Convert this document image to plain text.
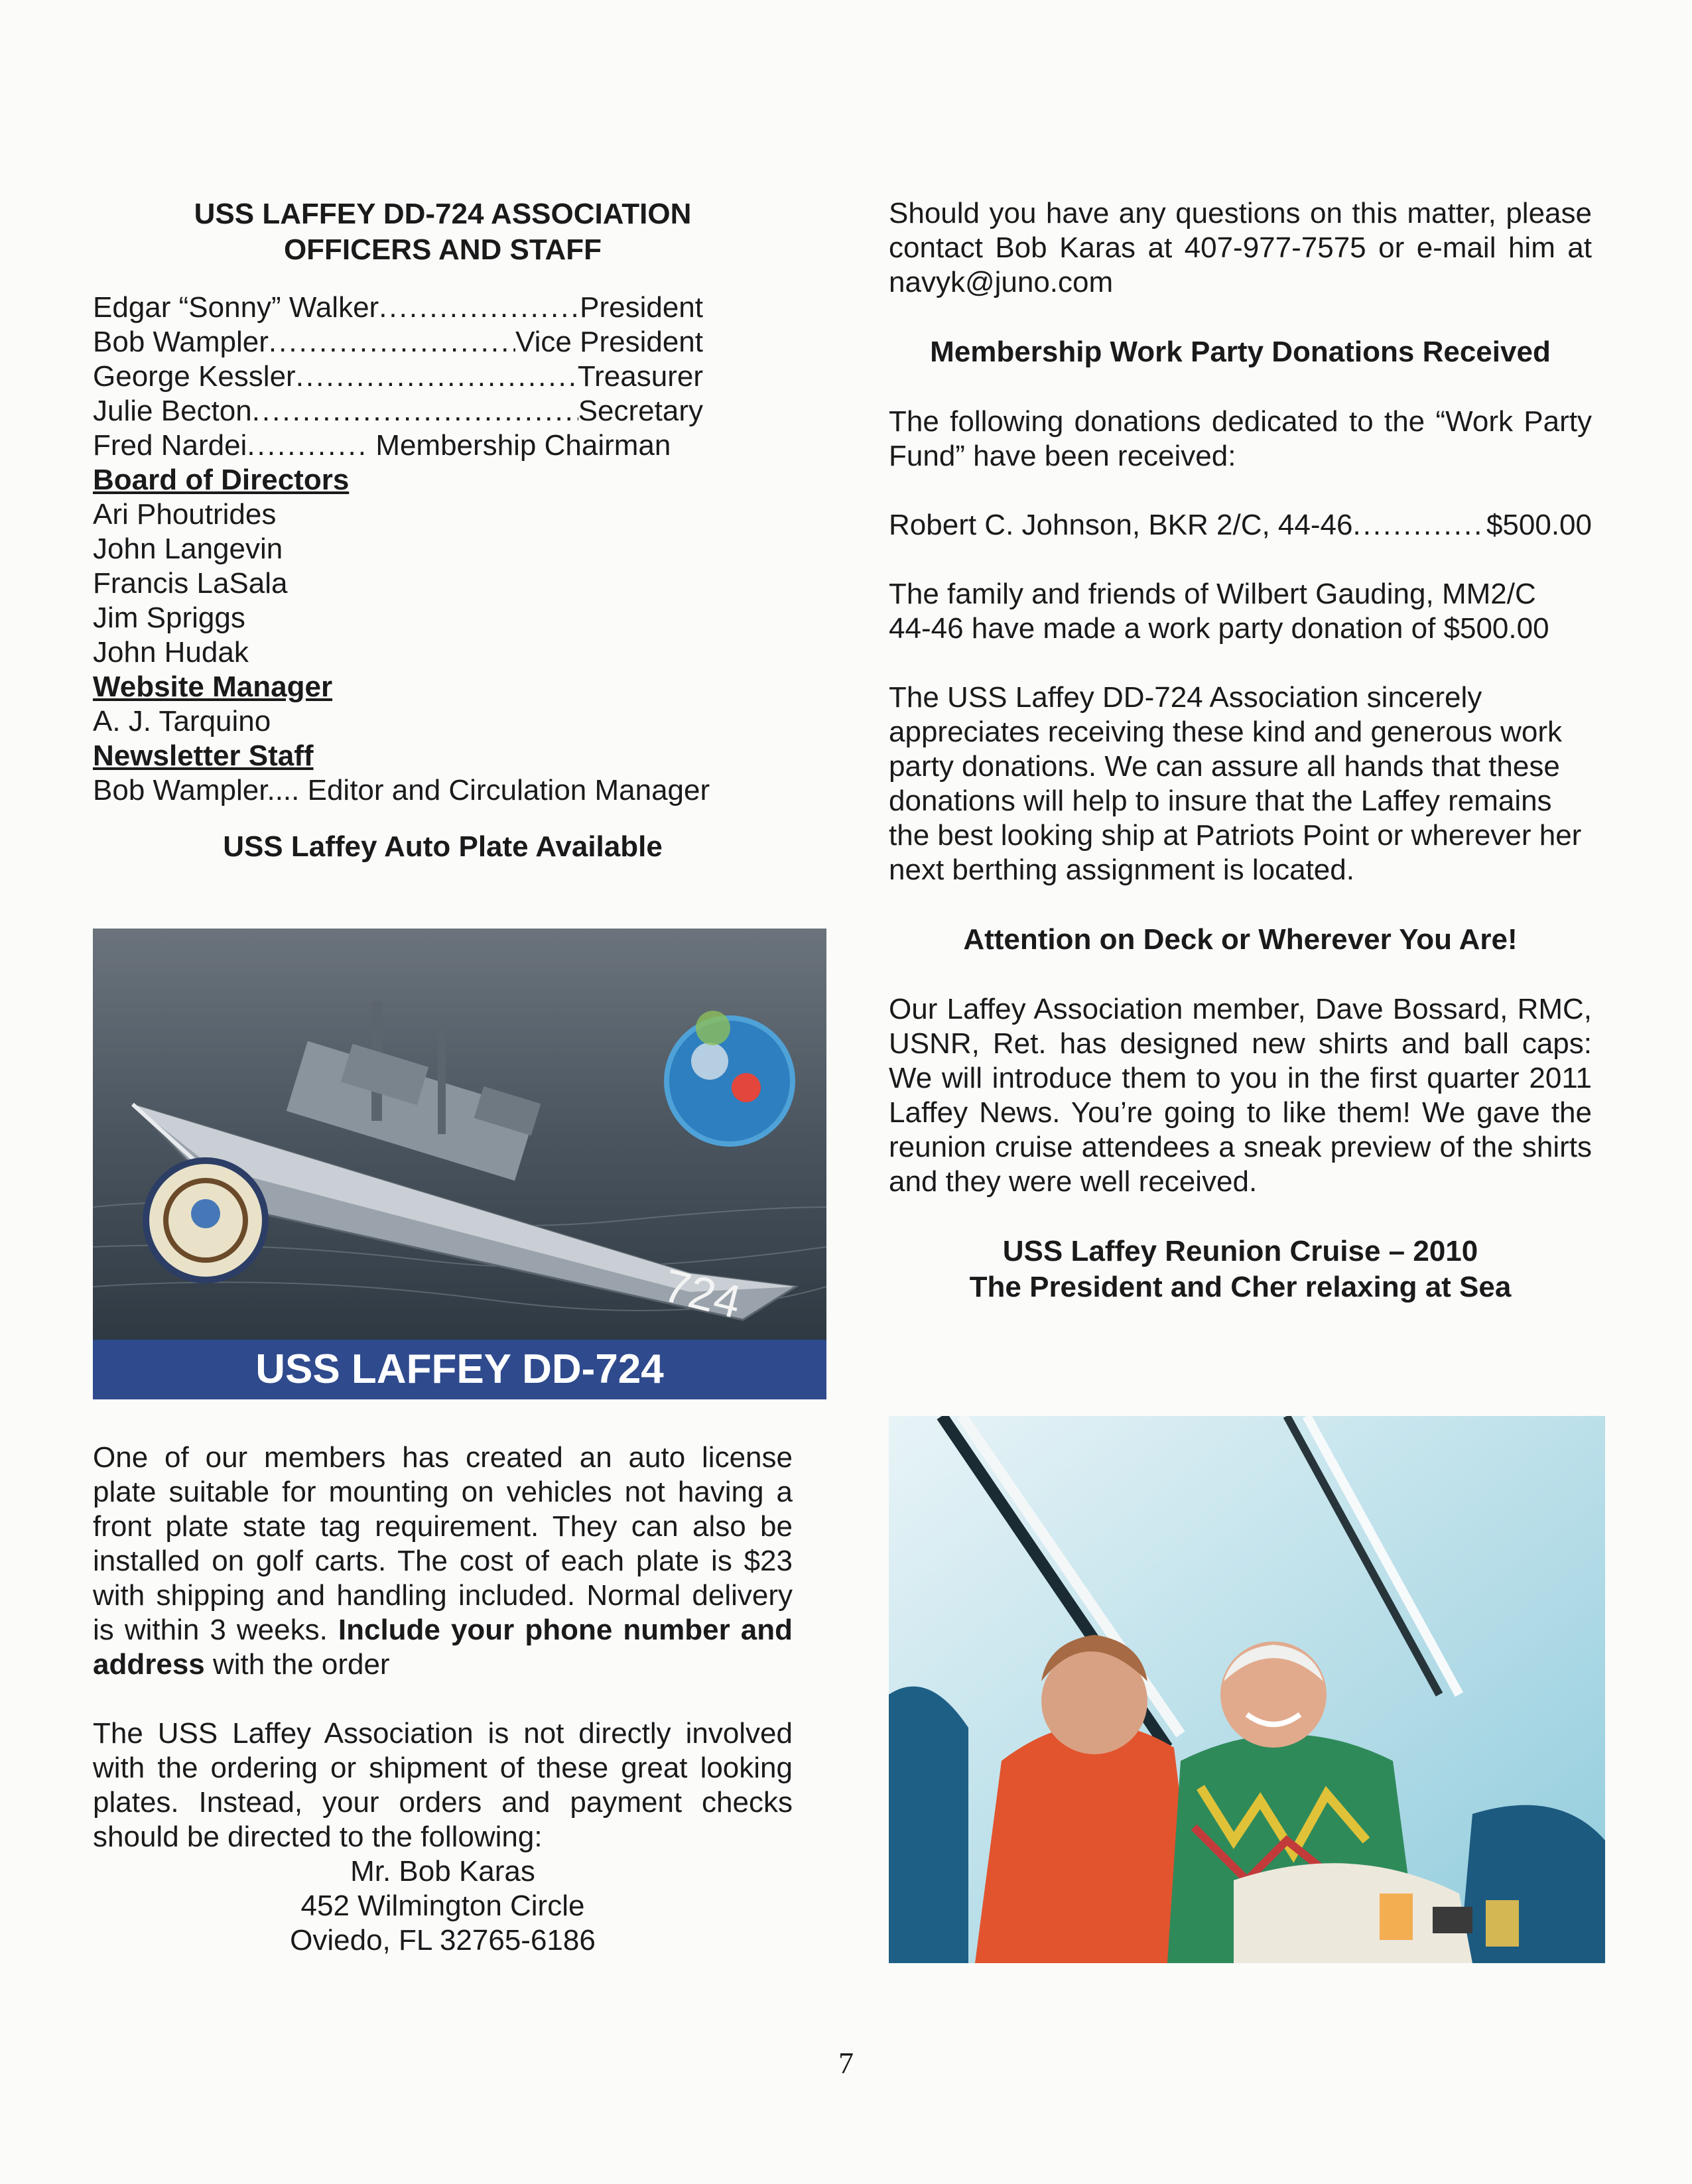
USS LAFFEY DD-724 ASSOCIATION
OFFICERS AND STAFF
Edgar “Sonny” Walker .....	President
Bob Wampler .....	Vice President
George Kessler .....	Treasurer
Julie Becton .....	Secretary
Fred Nardei .....	Membership Chairman
Board of Directors
Ari Phoutrides
John Langevin
Francis LaSala
Jim Spriggs
John Hudak
Website Manager
A. J. Tarquino
Newsletter Staff
Bob Wampler.... Editor and Circulation Manager
USS Laffey Auto Plate Available
724
USS LAFFEY DD-724

One of our members has created an auto license plate suitable for mounting on vehicles not having a front plate state tag requirement. They can also be installed on golf carts. The cost of each plate is $23 with shipping and handling included. Normal delivery is within 3 weeks. Include your phone number and address with the order

The USS Laffey Association is not directly involved with the ordering or shipment of these great looking plates. Instead, your orders and payment checks should be directed to the following:

Mr. Bob Karas
452 Wilmington Circle
Oviedo, FL 32765-6186

Should you have any questions on this matter, please contact Bob Karas at 407-977-7575 or e-mail him at navyk@juno.com

Membership Work Party Donations Received

The following donations dedicated to the “Work Party Fund” have been received:

Robert C. Johnson, BKR 2/C, 44-46 .....	$500.00

The family and friends of Wilbert Gauding, MM2/C 44-46 have made a work party donation of $500.00

The USS Laffey DD-724 Association sincerely appreciates receiving these kind and generous work party donations. We can assure all hands that these donations will help to insure that the Laffey remains the best looking ship at Patriots Point or wherever her next berthing assignment is located.

Attention on Deck or Wherever You Are!

Our Laffey Association member, Dave Bossard, RMC, USNR, Ret. has designed new shirts and ball caps: We will introduce them to you in the first quarter 2011 Laffey News. You’re going to like them! We gave the reunion cruise attendees a sneak preview of the shirts and they were well received.

USS Laffey Reunion Cruise – 2010
The President and Cher relaxing at Sea
7
